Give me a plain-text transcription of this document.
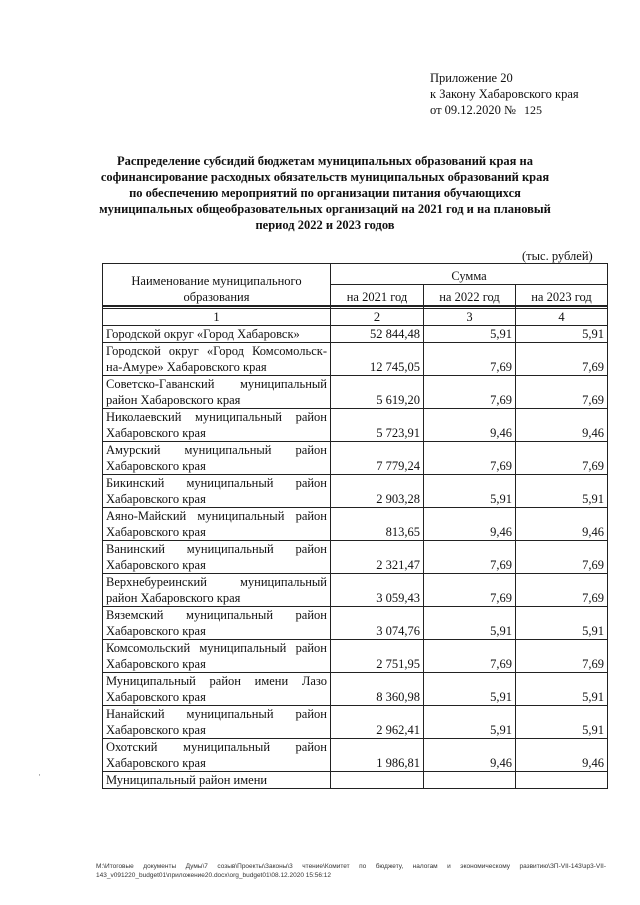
Приложение 20
к Закону Хабаровского края
от 09.12.2020 № 125
Распределение субсидий бюджетам муниципальных образований края на софинансирование расходных обязательств муниципальных образований края по обеспечению мероприятий по организации питания обучающихся муниципальных общеобразовательных организаций на 2021 год и на плановый период 2022 и 2023 годов
(тыс. рублей)
Наименование муниципального образования	Сумма		
	на 2021 год	на 2022 год	на 2023 год

1	2	3	4
Городской округ «Город Хабаровск»	52 844,48	5,91	5,91
Городской округ «Город Комсомольск-на-Амуре» Хабаровского края	12 745,05	7,69	7,69
Советско-Гаванский муниципальный район Хабаровского края	5 619,20	7,69	7,69
Николаевский муниципальный район Хабаровского края	5 723,91	9,46	9,46
Амурский муниципальный район Хабаровского края	7 779,24	7,69	7,69
Бикинский муниципальный район Хабаровского края	2 903,28	5,91	5,91
Аяно-Майский муниципальный район Хабаровского края	813,65	9,46	9,46
Ванинский муниципальный район Хабаровского края	2 321,47	7,69	7,69
Верхнебуреинский муниципальный район Хабаровского края	3 059,43	7,69	7,69
Вяземский муниципальный район Хабаровского края	3 074,76	5,91	5,91
Комсомольский муниципальный район Хабаровского края	2 751,95	7,69	7,69
Муниципальный район имени Лазо Хабаровского края	8 360,98	5,91	5,91
Нанайский муниципальный район Хабаровского края	2 962,41	5,91	5,91
Охотский муниципальный район Хабаровского края	1 986,81	9,46	9,46
Муниципальный район имени			
·
M:\Итоговые документы Думы\7 созыв\Проекты\Законы\3 чтение\Комитет по бюджету, налогам и экономическому развитию\ЗП-VII-143\зр3-VII-143_v091220_budget01\приложение20.docx\org_budget01\08.12.2020 15:56:12
